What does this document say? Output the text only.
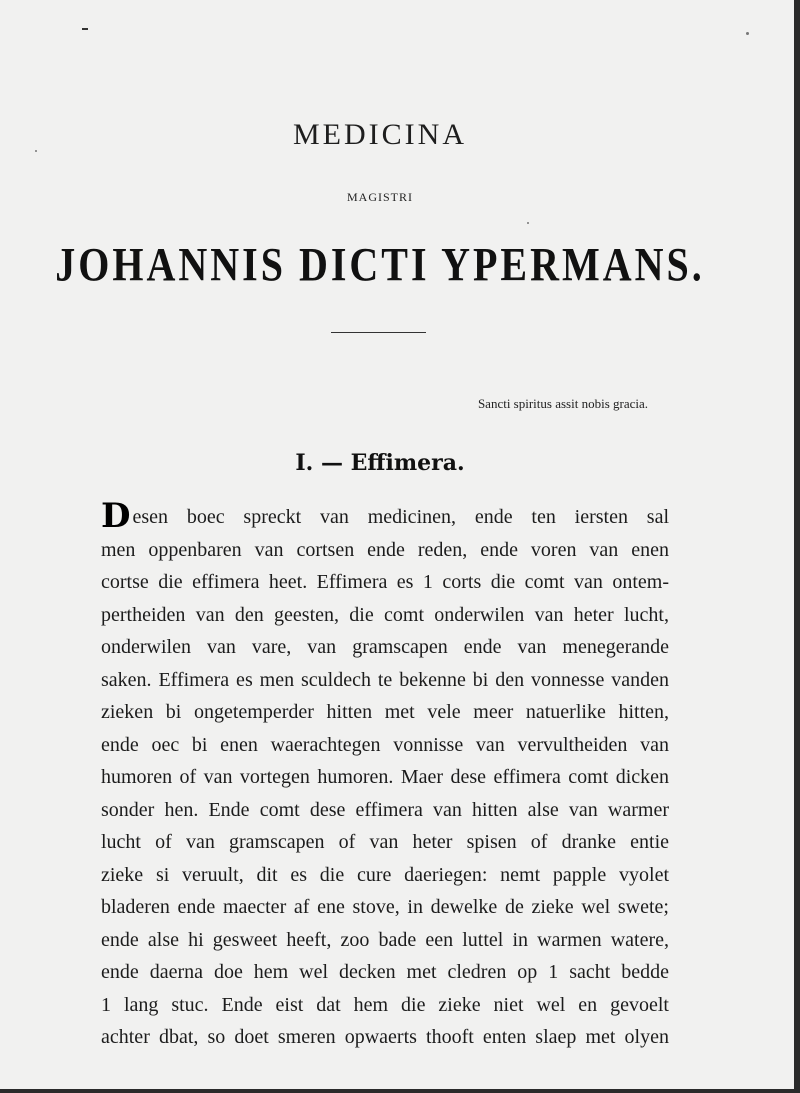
MEDICINA
MAGISTRI
JOHANNIS DICTI YPERMANS.
Sancti spiritus assit nobis gracia.
I. — Effimera.
Desen boec spreckt van medicinen, ende ten iersten sal
men oppenbaren van cortsen ende reden, ende voren van enen
cortse die effimera heet. Effimera es 1 corts die comt van ontem-
pertheiden van den geesten, die comt onderwilen van heter lucht,
onderwilen van vare, van gramscapen ende van menegerande
saken. Effimera es men sculdech te bekenne bi den vonnesse vanden
zieken bi ongetemperder hitten met vele meer natuerlike hitten,
ende oec bi enen waerachtegen vonnisse van vervultheiden van
humoren of van vortegen humoren. Maer dese effimera comt dicken
sonder hen. Ende comt dese effimera van hitten alse van warmer
lucht of van gramscapen of van heter spisen of dranke entie
zieke si veruult, dit es die cure daeriegen: nemt papple vyolet
bladeren ende maecter af ene stove, in dewelke de zieke wel swete;
ende alse hi gesweet heeft, zoo bade een luttel in warmen watere,
ende daerna doe hem wel decken met cledren op 1 sacht bedde
1 lang stuc. Ende eist dat hem die zieke niet wel en gevoelt
achter dbat, so doet smeren opwaerts thooft enten slaep met olyen
